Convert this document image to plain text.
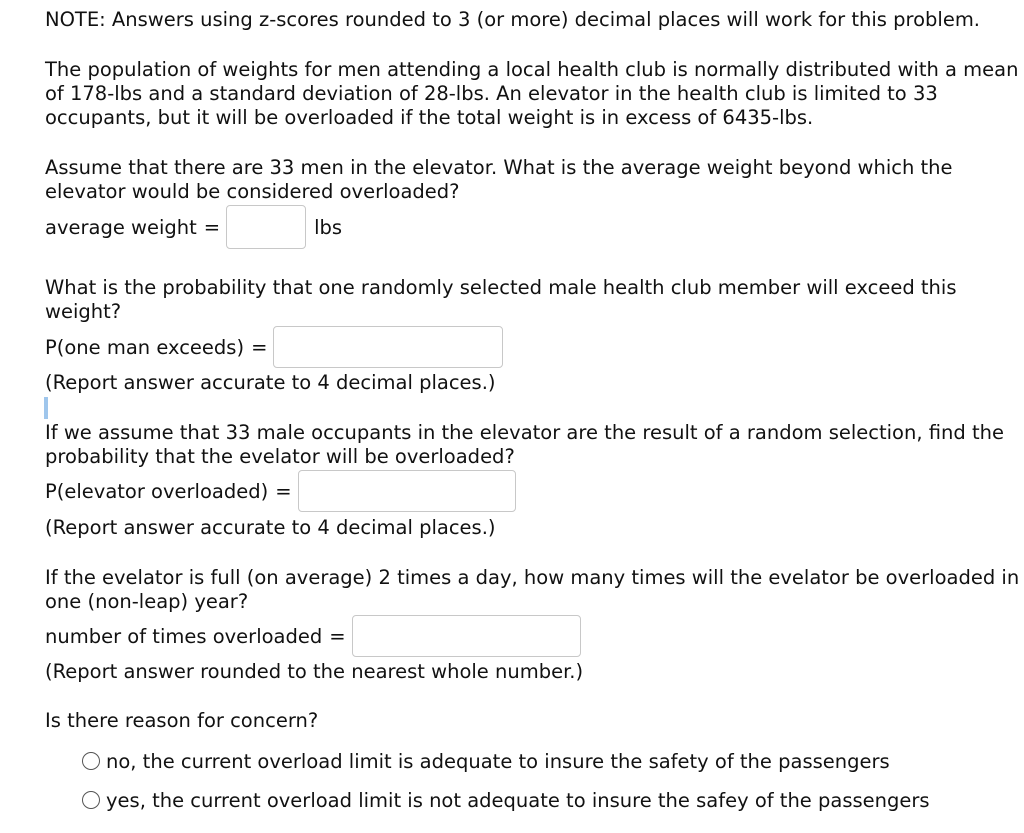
NOTE: Answers using z-scores rounded to 3 (or more) decimal places will work for this problem.
The population of weights for men attending a local health club is normally distributed with a mean
of 178-lbs and a standard deviation of 28-lbs. An elevator in the health club is limited to 33
occupants, but it will be overloaded if the total weight is in excess of 6435-lbs.
Assume that there are 33 men in the elevator. What is the average weight beyond which the
elevator would be considered overloaded?
average weight =	lbs
What is the probability that one randomly selected male health club member will exceed this
weight?
P(one man exceeds) =
(Report answer accurate to 4 decimal places.)
If we assume that 33 male occupants in the elevator are the result of a random selection, find the
probability that the evelator will be overloaded?
P(elevator overloaded) =
(Report answer accurate to 4 decimal places.)
If the evelator is full (on average) 2 times a day, how many times will the evelator be overloaded in
one (non-leap) year?
number of times overloaded =
(Report answer rounded to the nearest whole number.)
Is there reason for concern?
no, the current overload limit is adequate to insure the safety of the passengers
yes, the current overload limit is not adequate to insure the safey of the passengers
